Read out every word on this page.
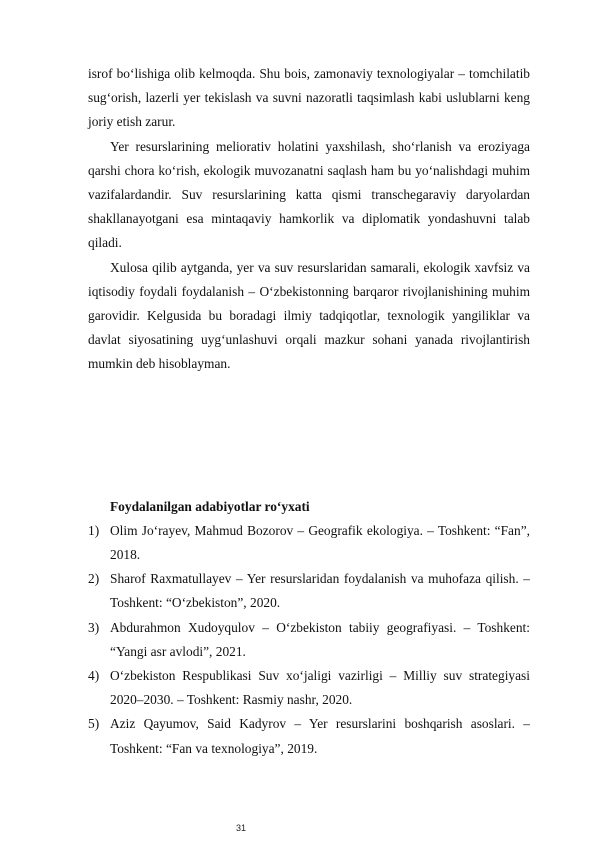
isrof bo‘lishiga olib kelmoqda. Shu bois, zamonaviy texnologiyalar – tomchilatib sug‘orish, lazerli yer tekislash va suvni nazoratli taqsimlash kabi uslublarni keng joriy etish zarur.

Yer resurslarining meliorativ holatini yaxshilash, sho‘rlanish va eroziyaga qarshi chora ko‘rish, ekologik muvozanatni saqlash ham bu yo‘nalishdagi muhim vazifalardandir. Suv resurslarining katta qismi transchegaraviy daryolardan shakllanayotgani esa mintaqaviy hamkorlik va diplomatik yondashuvni talab qiladi.

Xulosa qilib aytganda, yer va suv resurslaridan samarali, ekologik xavfsiz va iqtisodiy foydali foydalanish – O‘zbekistonning barqaror rivojlanishining muhim garovidir. Kelgusida bu boradagi ilmiy tadqiqotlar, texnologik yangiliklar va davlat siyosatining uyg‘unlashuvi orqali mazkur sohani yanada rivojlantirish mumkin deb hisoblayman.

Foydalanilgan adabiyotlar ro‘yxati

1) Olim Jo‘rayev, Mahmud Bozorov – Geografik ekologiya. – Toshkent: “Fan”, 2018.
2) Sharof Raxmatullayev – Yer resurslaridan foydalanish va muhofaza qilish. – Toshkent: “O‘zbekiston”, 2020.
3) Abdurahmon Xudoyqulov – O‘zbekiston tabiiy geografiyasi. – Toshkent: “Yangi asr avlodi”, 2021.
4) O‘zbekiston Respublikasi Suv xo‘jaligi vazirligi – Milliy suv strategiyasi 2020–2030. – Toshkent: Rasmiy nashr, 2020.
5) Aziz Qayumov, Said Kadyrov – Yer resurslarini boshqarish asoslari. – Toshkent: “Fan va texnologiya”, 2019.
31
